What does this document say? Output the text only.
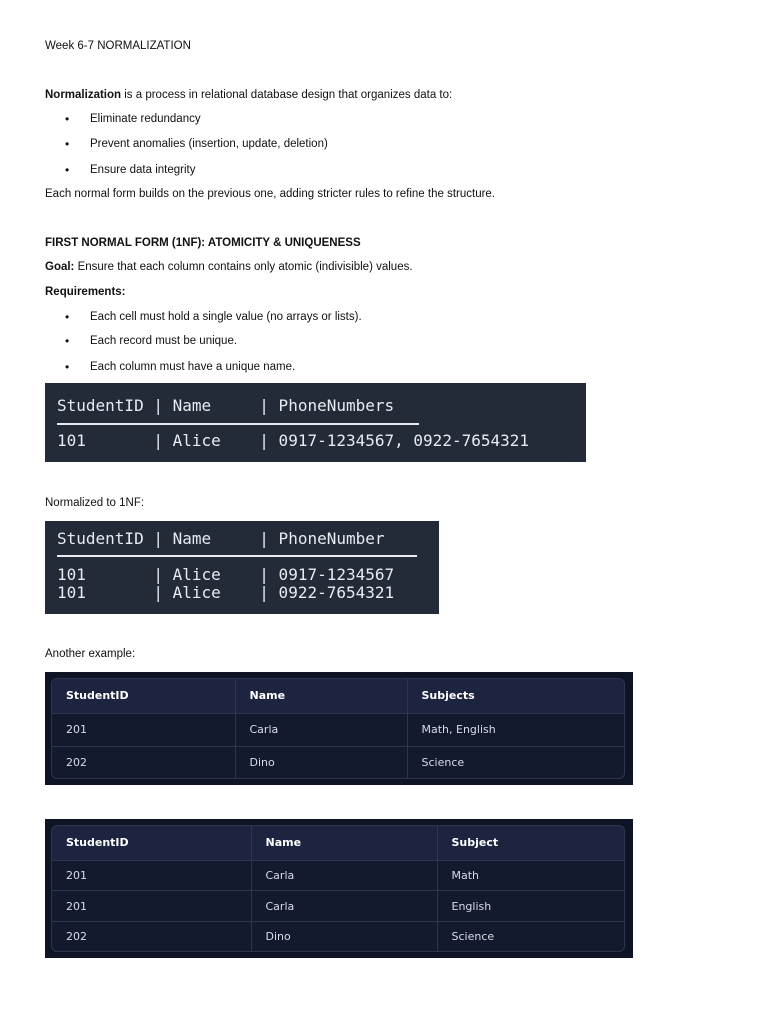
Week 6-7 NORMALIZATION
Normalization is a process in relational database design that organizes data to:
• Eliminate redundancy
• Prevent anomalies (insertion, update, deletion)
• Ensure data integrity
Each normal form builds on the previous one, adding stricter rules to refine the structure.
FIRST NORMAL FORM (1NF): ATOMICITY & UNIQUENESS
Goal: Ensure that each column contains only atomic (indivisible) values.
Requirements:
• Each cell must hold a single value (no arrays or lists).
• Each record must be unique.
• Each column must have a unique name.
StudentID | Name     | PhoneNumbers
101       | Alice    | 0917-1234567, 0922-7654321
Normalized to 1NF:
StudentID | Name     | PhoneNumber
101       | Alice    | 0917-1234567
101       | Alice    | 0922-7654321
Another example:
StudentID	Name	Subjects
201	Carla	Math, English
202	Dino	Science
StudentID	Name	Subject
201	Carla	Math
201	Carla	English
202	Dino	Science
